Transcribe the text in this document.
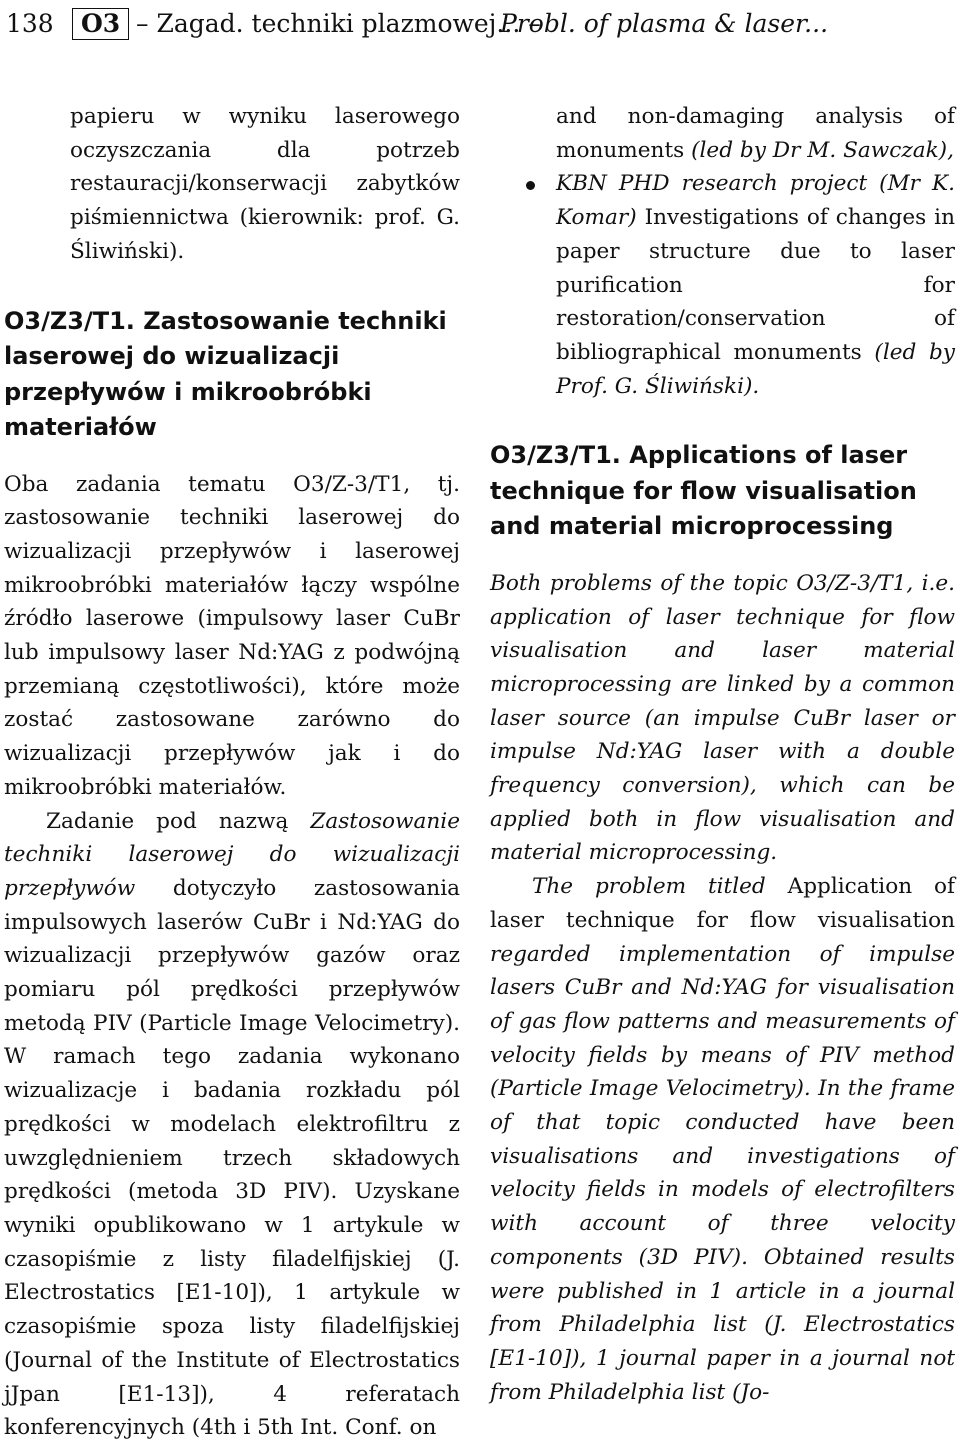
138	O3 – Zagad. techniki plazmowej... –
Probl. of plasma & laser...

papieru w wyniku laserowego oczyszczania dla potrzeb restauracji/konserwacji zabytków piśmiennictwa (kierownik: prof. G. Śliwiński).

O3/Z3/T1. Zastosowanie techniki laserowej do wizualizacji przepływów i mikroobróbki materiałów

Oba zadania tematu O3/Z-3/T1, tj. zastosowanie techniki laserowej do wizualizacji przepływów i laserowej mikroobróbki materiałów łączy wspólne źródło laserowe (impulsowy laser CuBr lub impulsowy laser Nd:YAG z podwójną przemianą częstotliwości), które może zostać zastosowane zarówno do wizualizacji przepływów jak i do mikroobróbki materiałów.

Zadanie pod nazwą Zastosowanie techniki laserowej do wizualizacji przepływów dotyczyło zastosowania impulsowych laserów CuBr i Nd:YAG do wizualizacji przepływów gazów oraz pomiaru pól prędkości przepływów metodą PIV (Particle Image Velocimetry). W ramach tego zadania wykonano wizualizacje i badania rozkładu pól prędkości w modelach elektrofiltru z uwzględnieniem trzech składowych prędkości (metoda 3D PIV). Uzyskane wyniki opublikowano w 1 artykule w czasopiśmie z listy filadelfijskiej (J. Electrostatics [E1-10]), 1 artykule w czasopiśmie spoza listy filadelfijskiej (Journal of the Institute of Electrostatics jJpan [E1-13]), 4 referatach konferencyjnych (4th i 5th Int. Conf. on

and non-damaging analysis of monuments (led by Dr M. Sawczak),

KBN PHD research project (Mr K. Komar) Investigations of changes in paper structure due to laser purification for restoration/conservation of bibliographical monuments (led by Prof. G. Śliwiński).

O3/Z3/T1. Applications of laser technique for flow visualisation and material microprocessing

Both problems of the topic O3/Z-3/T1, i.e. application of laser technique for flow visualisation and laser material microprocessing are linked by a common laser source (an impulse CuBr laser or impulse Nd:YAG laser with a double frequency conversion), which can be applied both in flow visualisation and material microprocessing.

The problem titled Application of laser technique for flow visualisation regarded implementation of impulse lasers CuBr and Nd:YAG for visualisation of gas flow patterns and measurements of velocity fields by means of PIV method (Particle Image Velocimetry). In the frame of that topic conducted have been visualisations and investigations of velocity fields in models of electrofilters with account of three velocity components (3D PIV). Obtained results were published in 1 article in a journal from Philadelphia list (J. Electrostatics [E1-10]), 1 journal paper in a journal not from Philadelphia list (Jo-
